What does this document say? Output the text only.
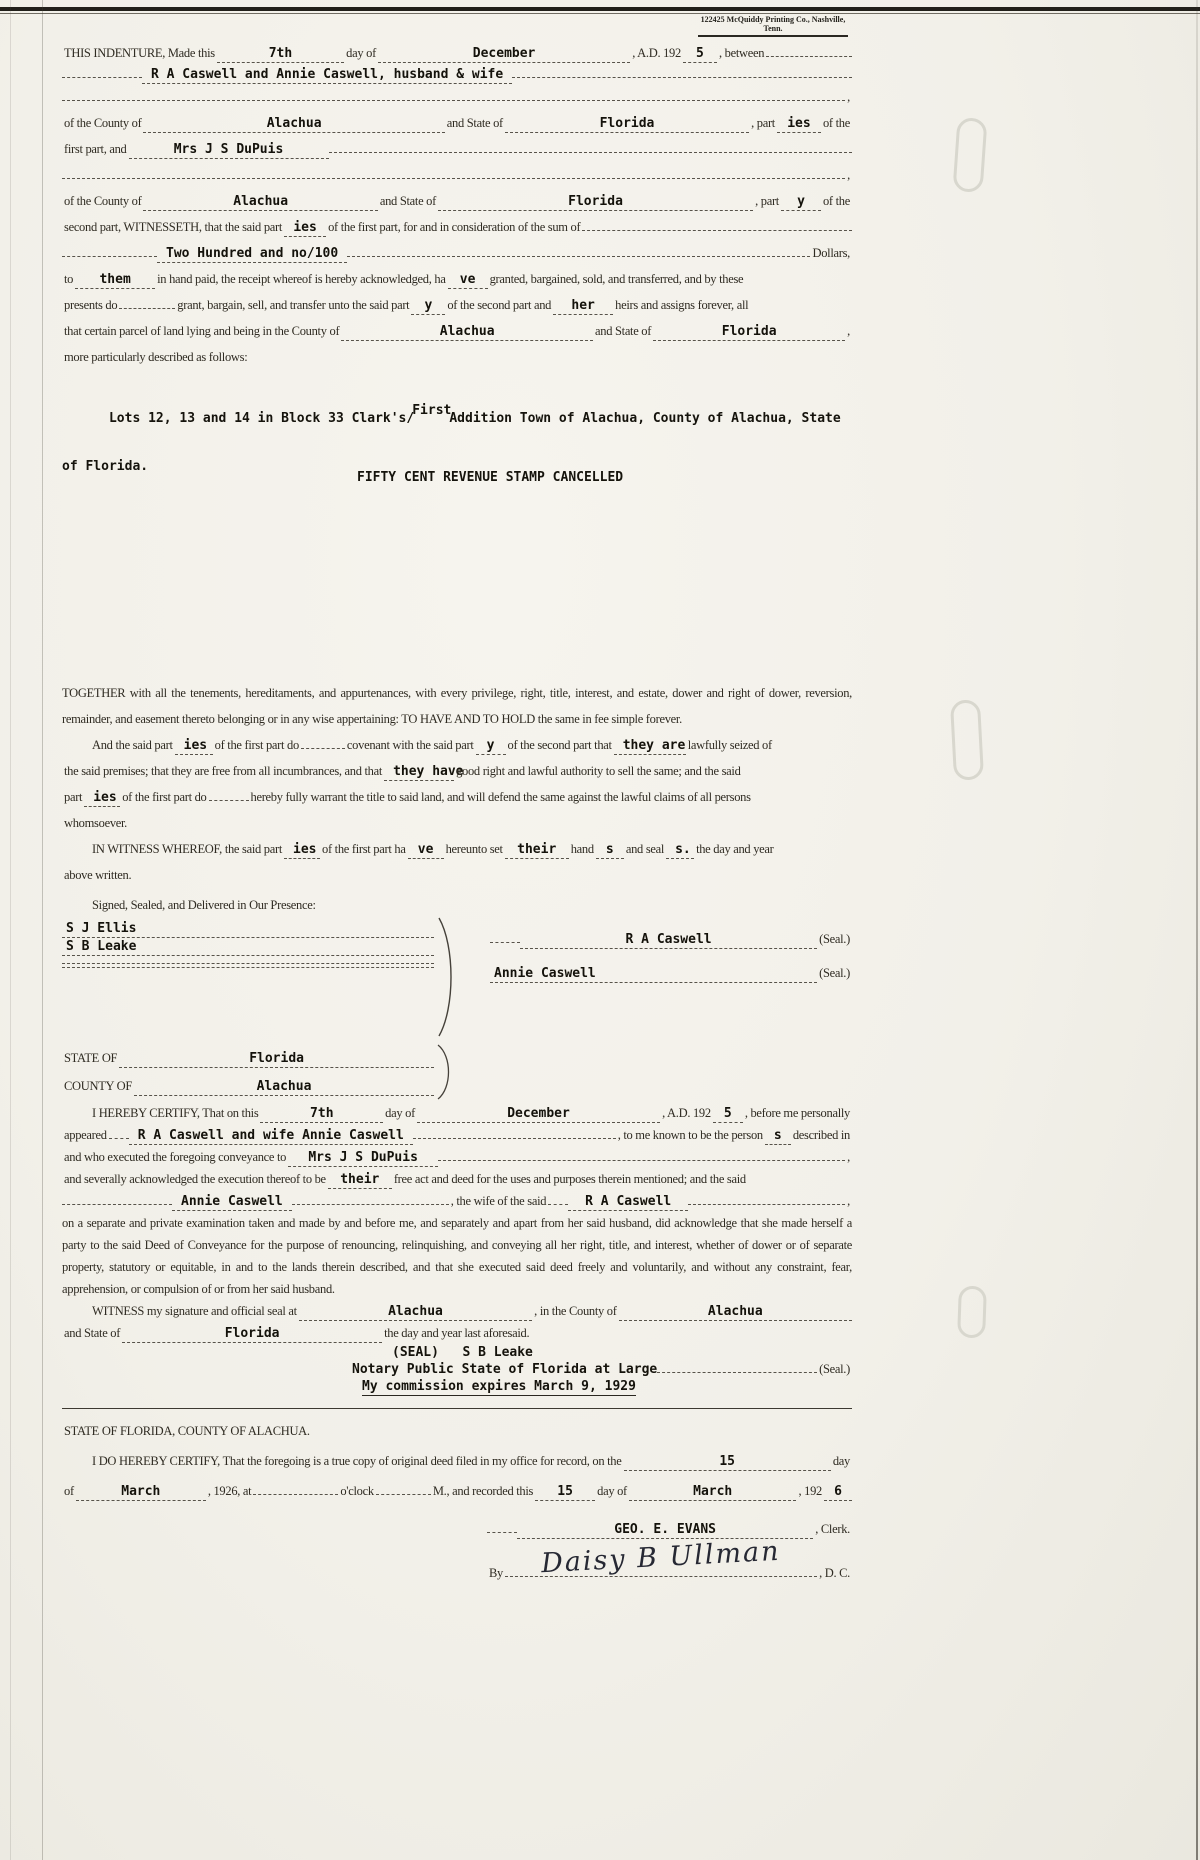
122425 McQuiddy Printing Co., Nashville, Tenn.
THIS INDENTURE, Made this	7th	day of	December	, A.D. 192	5	, between
R A Caswell and Annie Caswell, husband & wife
,
of the County of	Alachua	and State of	Florida	, part ies of the
first part, and	Mrs J S DuPuis
,
of the County of	Alachua	and State of	Florida	, part	y	of the
second part, WITNESSETH, that the said part ies of the first part, for and in consideration of the sum of
Two Hundred and no/100	Dollars,
to	them	in hand paid, the receipt whereof is hereby acknowledged, ha	ve	granted, bargained, sold, and transferred, and by these
presents do	grant, bargain, sell, and transfer unto the said part	y	of the second part and	her	heirs and assigns forever, all
that certain parcel of land lying and being in the County of	Alachua	and State of	Florida	,
more particularly described as follows:

Lots 12, 13 and 14 in Block 33 Clark's/FirstAddition Town of Alachua, County of Alachua, State

of Florida.
FIFTY CENT REVENUE STAMP CANCELLED

TOGETHER with all the tenements, hereditaments, and appurtenances, with every privilege, right, title, interest, and estate, dower and right of dower, reversion, remainder, and easement thereto belonging or in any wise appertaining: TO HAVE AND TO HOLD the same in fee simple forever.

And the said part ies of the first part do	covenant with the said part	y	of the second part that they are lawfully seized of
the said premises; that they are free from all incumbrances, and that they have
good right and lawful authority to sell the same; and the said
part ies of the first part do	hereby fully warrant the title to said land, and will defend the same against the lawful claims of all persons
whomsoever.
IN WITNESS WHEREOF, the said part ies of the first part ha ve hereunto set	their	hand s and seal s. the day and year
above written.
Signed, Sealed, and Delivered in Our Presence:
S J Ellis
S B Leake	R A Caswell	(Seal.)
Annie Caswell	(Seal.)
STATE OF	Florida
COUNTY OF	Alachua
I HEREBY CERTIFY, That on this	7th	day of	December	, A.D. 192	5	, before me personally
appeared	R A Caswell and wife Annie Caswell	, to me known to be the person s described in
and who executed the foregoing conveyance to	Mrs J S DuPuis	,
and severally acknowledged the execution thereof to be	their	free act and deed for the uses and purposes therein mentioned; and the said
Annie Caswell	, the wife of the said	R A Caswell	,

on a separate and private examination taken and made by and before me, and separately and apart from her said husband, did acknowledge that she made herself a party to the said Deed of Conveyance for the purpose of renouncing, relinquishing, and conveying all her right, title, and interest, whether of dower or of separate property, statutory or equitable, in and to the lands therein described, and that she executed said deed freely and voluntarily, and without any constraint, fear, apprehension, or compulsion of or from her said husband.

WITNESS my signature and official seal at	Alachua	, in the County of	Alachua
and State of	Florida	the day and year last aforesaid.
(SEAL)   S B Leake
Notary Public State of Florida at Large	(Seal.)
My commission expires March 9, 1929
STATE OF FLORIDA, COUNTY OF ALACHUA.
I DO HEREBY CERTIFY, That the foregoing is a true copy of original deed filed in my office for record, on the	15	day
of	March	, 1926, at	o'clock	M., and recorded this	15	day of	March	, 192 6
GEO. E. EVANS	, Clerk.
By Daisy B Ullman	, D. C.
